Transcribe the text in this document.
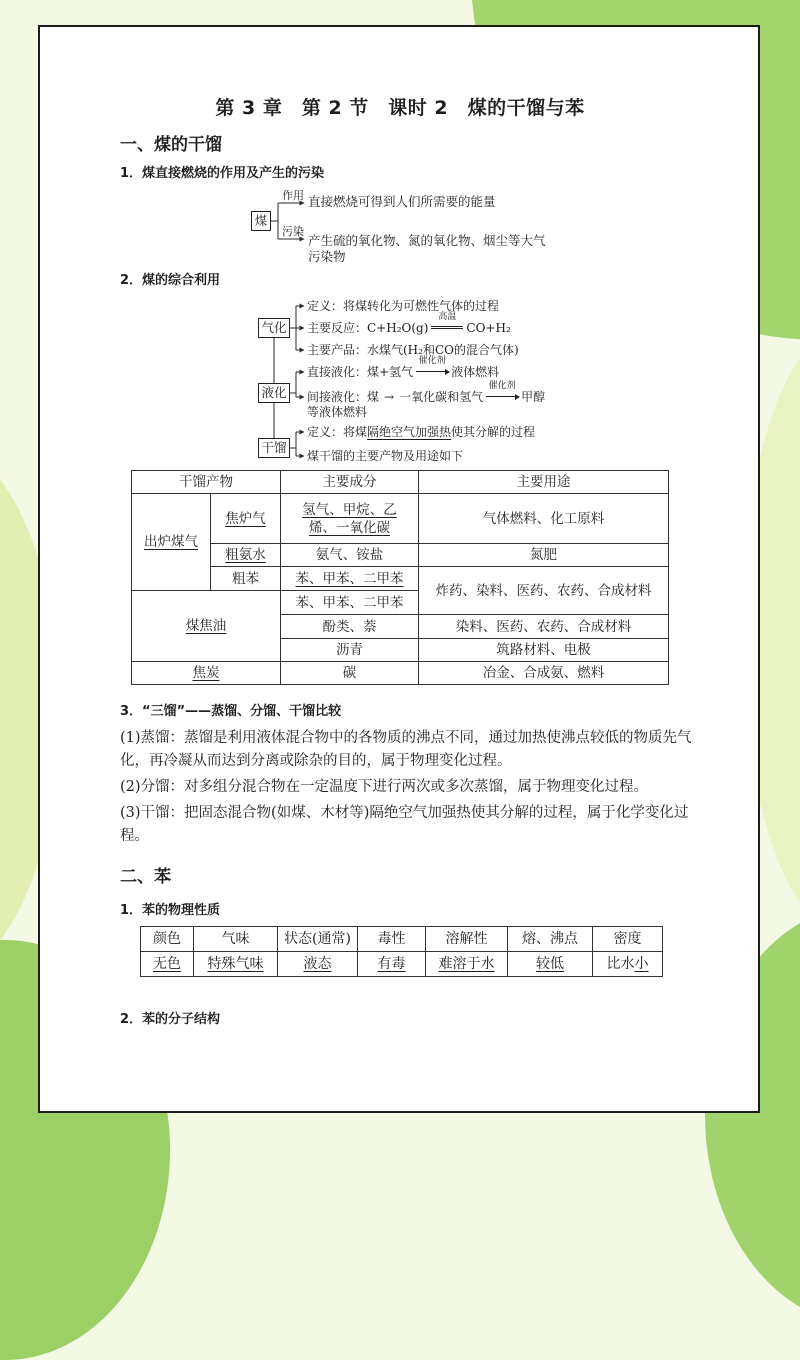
第 3 章　第 2 节　课时 2　煤的干馏与苯
一、煤的干馏
1．煤直接燃烧的作用及产生的污染
煤
作用 直接燃烧可得到人们所需要的能量
污染
产生硫的氧化物、氮的氧化物、烟尘等大气污染物
2．煤的综合利用
气化
液化
干馏
定义：将煤转化为可燃性气体的过程
主要反应：C+H₂O(g)
高温
CO+H₂
主要产品：水煤气(H₂和CO的混合气体)
直接液化：煤+氢气
催化剂
液体燃料
间接液化：煤 → 一氧化碳和氢气
催化剂
甲醇
等液体燃料
定义：将煤隔绝空气加强热使其分解的过程
煤干馏的主要产物及用途如下
干馏产物		主要成分	主要用途
出炉煤气	焦炉气	氢气、甲烷、乙烯、一氧化碳	气体燃料、化工原料
	粗氨水	氨气、铵盐	氮肥
	粗苯	苯、甲苯、二甲苯	炸药、染料、医药、农药、合成材料
煤焦油		苯、甲苯、二甲苯	
		酚类、萘	染料、医药、农药、合成材料
		沥青	筑路材料、电极
焦炭		碳	冶金、合成氨、燃料
3．“三馏”——蒸馏、分馏、干馏比较
(1)蒸馏：蒸馏是利用液体混合物中的各物质的沸点不同，通过加热使沸点较低的物质先气
化，再冷凝从而达到分离或除杂的目的，属于物理变化过程。
(2)分馏：对多组分混合物在一定温度下进行两次或多次蒸馏，属于物理变化过程。
(3)干馏：把固态混合物(如煤、木材等)隔绝空气加强热使其分解的过程，属于化学变化过
程。
二、苯
1．苯的物理性质
颜色	气味	状态(通常)	毒性	溶解性	熔、沸点	密度
无色	特殊气味	液态	有毒	难溶于水	较低	比水小
2．苯的分子结构
